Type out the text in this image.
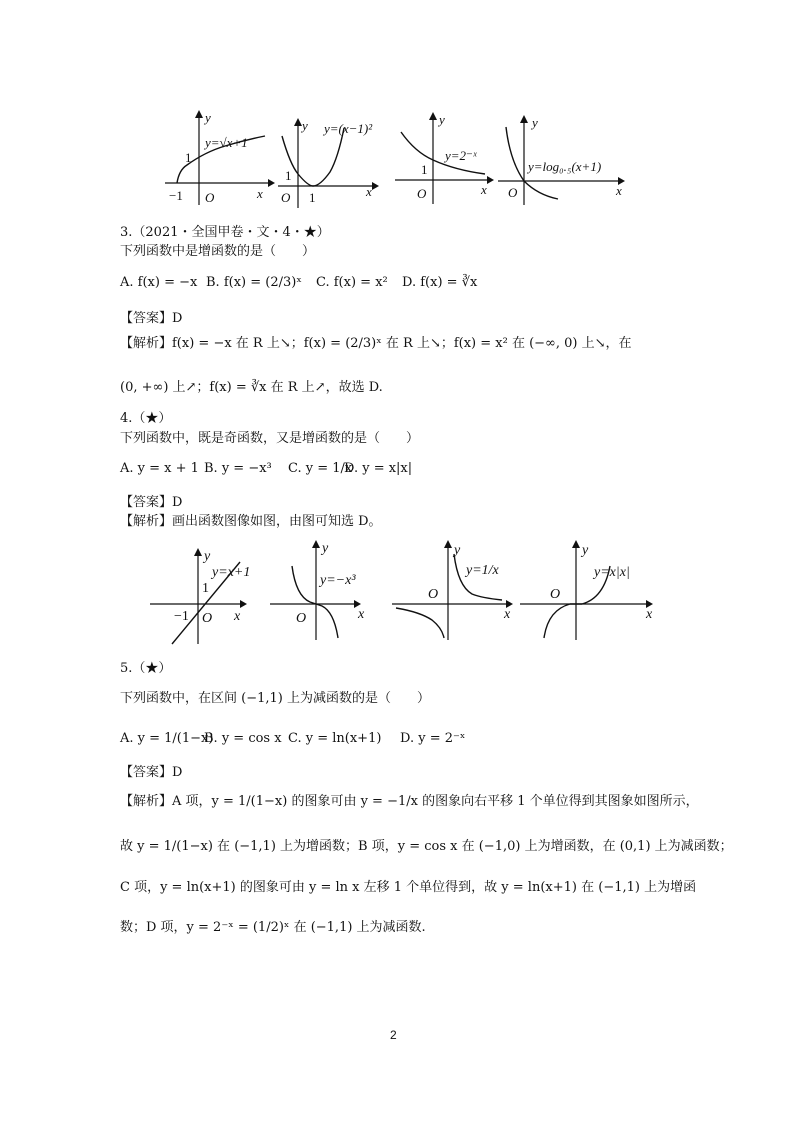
y
y=√x+1
1
−1 O	x
y y=(x−1)²
1
O 1	x
y
y=2⁻ˣ
1
O	x
y
y=log₀.₅(x+1)
O	x
3.（2021・全国甲卷・文・4・★）
下列函数中是增函数的是（　　）
A. f(x) = −x B. f(x) = (2/3)ˣ C. f(x) = x² D. f(x) = ∛x
【答案】D
【解析】f(x) = −x 在 R 上↘；f(x) = (2/3)ˣ 在 R 上↘；f(x) = x² 在 (−∞, 0) 上↘，在
(0, +∞) 上↗；f(x) = ∛x 在 R 上↗，故选 D.
4.（★）
下列函数中，既是奇函数，又是增函数的是（　　）
A. y = x + 1 B. y = −x³ C. y = 1/x
D. y = x|x|
【答案】D
【解析】画出函数图像如图，由图可知选 D。
y
y=x+1
1
−1 O x
y
y=−x³
O	x
y
y=1/x
O
x
y
y=x|x|
O
x
5.（★）
下列函数中，在区间 (−1,1) 上为减函数的是（　　）
A. y = 1/(1−x)
B. y = cos x C. y = ln(x+1) D. y = 2⁻ˣ
【答案】D
【解析】A 项，y = 1/(1−x) 的图象可由 y = −1/x 的图象向右平移 1 个单位得到其图象如图所示，
故 y = 1/(1−x) 在 (−1,1) 上为增函数；B 项，y = cos x 在 (−1,0) 上为增函数，在 (0,1) 上为减函数；
C 项，y = ln(x+1) 的图象可由 y = ln x 左移 1 个单位得到，故 y = ln(x+1) 在 (−1,1) 上为增函
数；D 项，y = 2⁻ˣ = (1/2)ˣ 在 (−1,1) 上为减函数.
2
